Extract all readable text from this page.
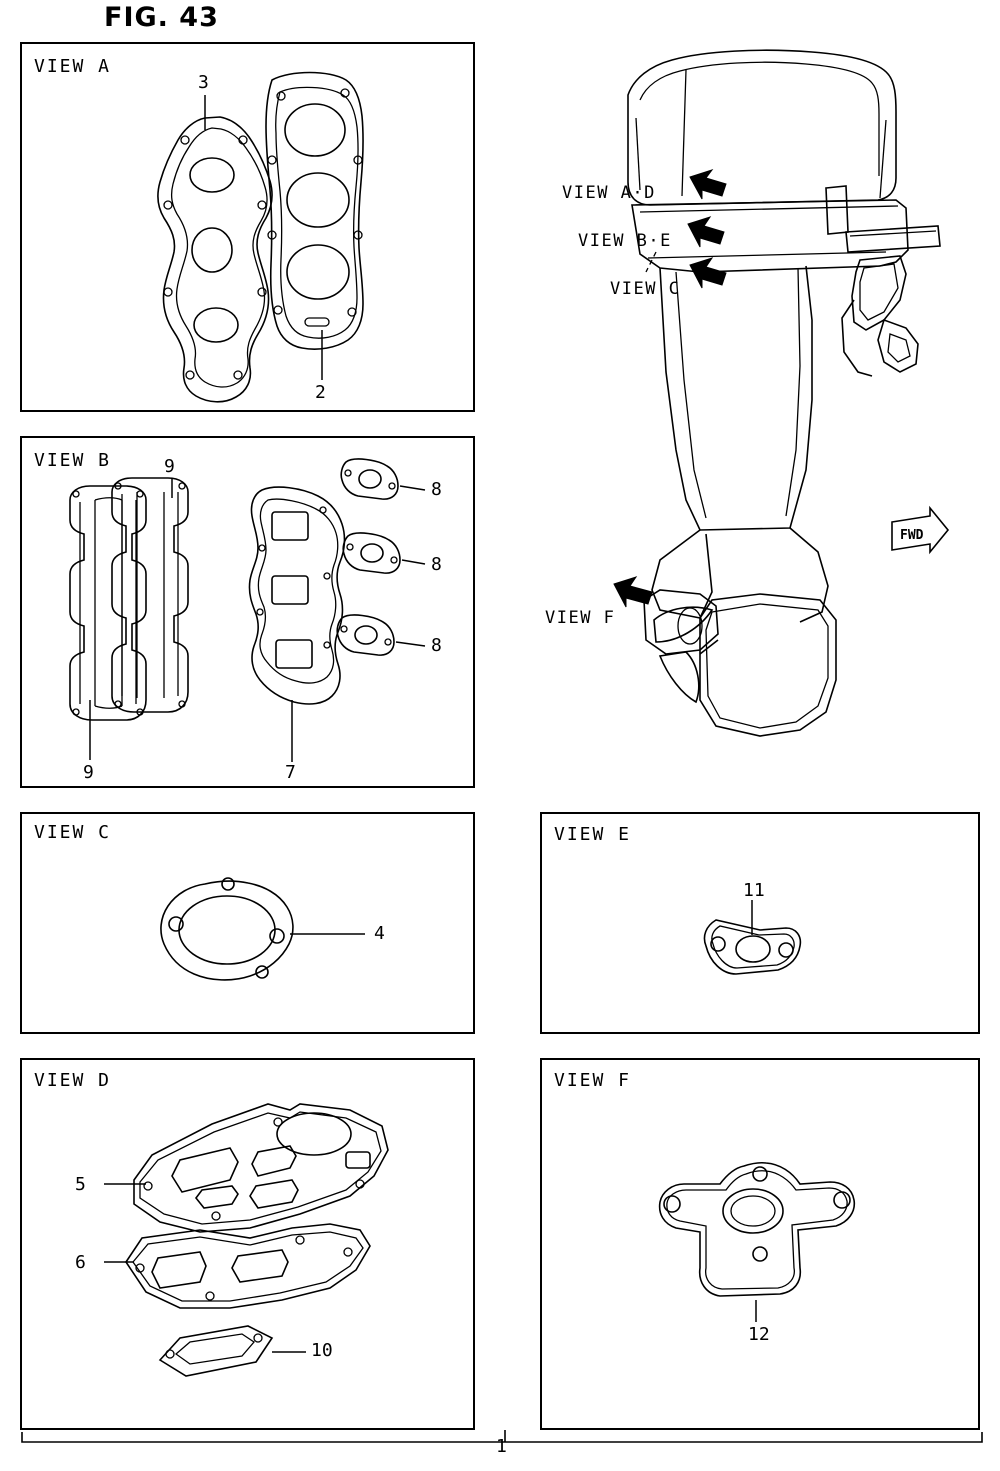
FIG. 43
VIEW A
3
2
VIEW B	9
9	7
8
8
8
VIEW C
4
VIEW D
5
6
10
VIEW E
11
VIEW F
12
FWD
VIEW A·D
VIEW B·E
VIEW C
VIEW F
1
